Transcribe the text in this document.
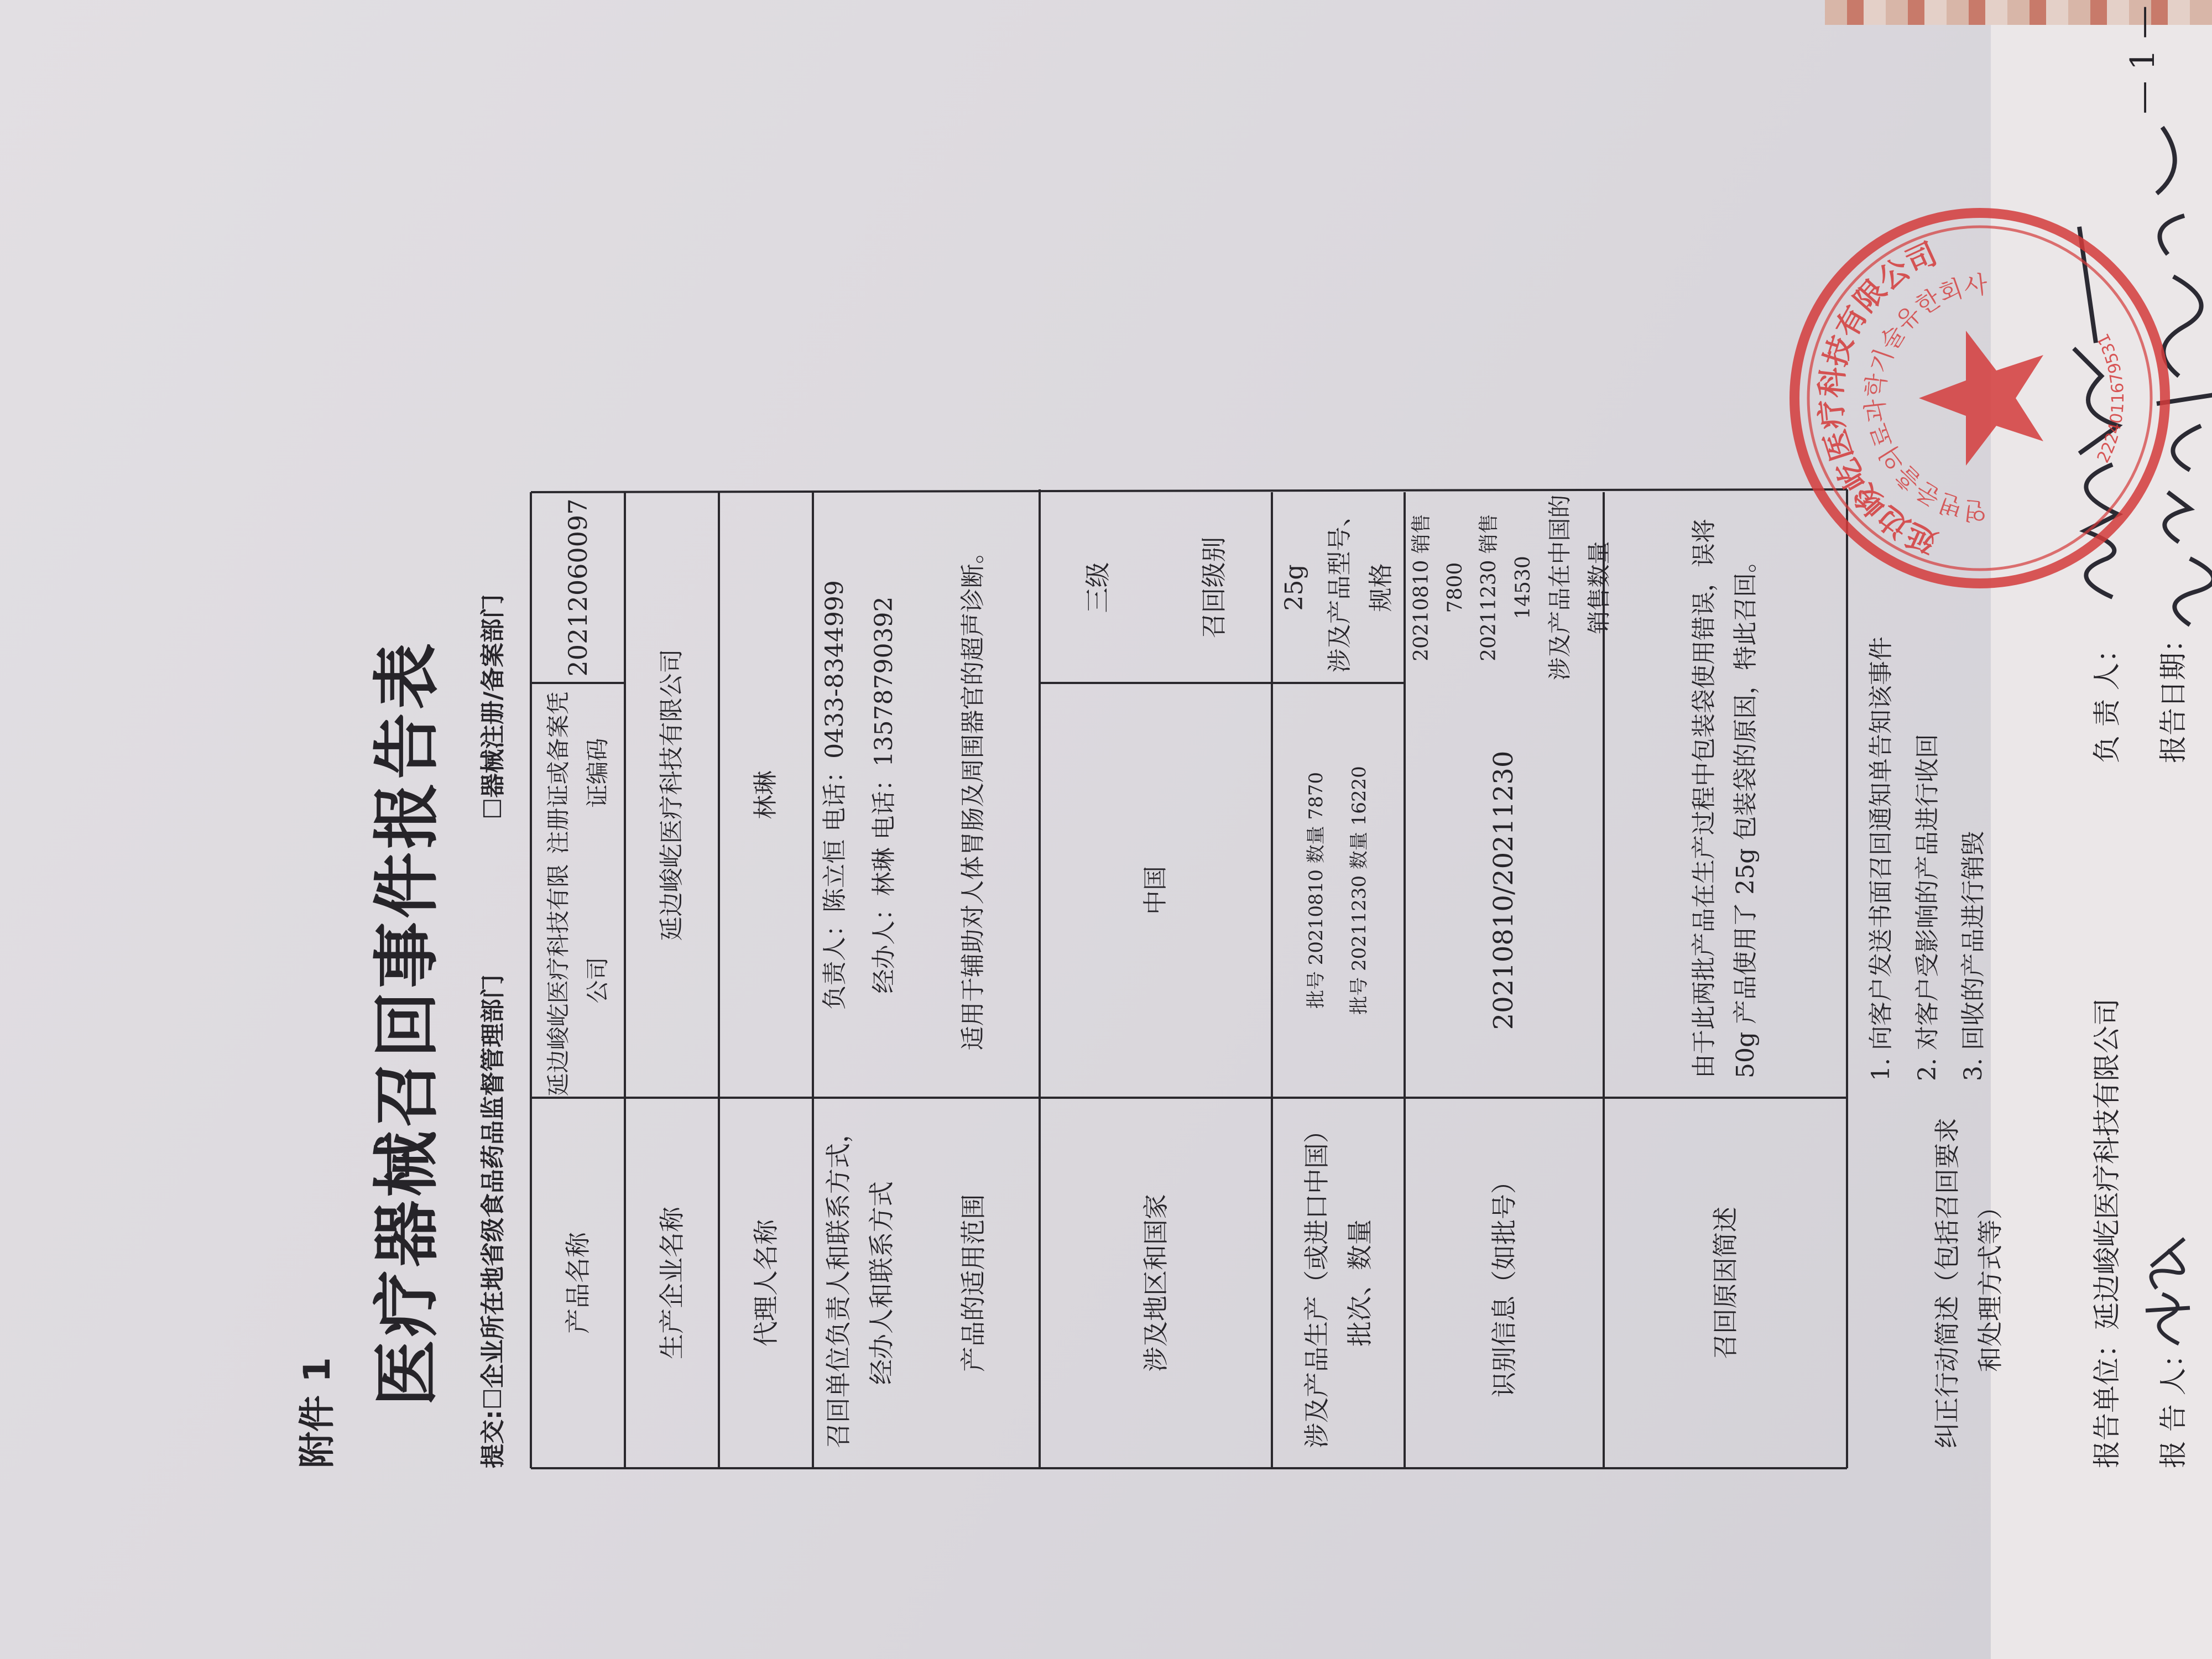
附件 1
医疗器械召回事件报告表
提交:☐企业所在地省级食品药品监督管理部门☐器械注册/备案部门
产品名称
延边峻屹医疗科技有限公司
注册证或备案凭证编码
20212060097
生产企业名称
延边峻屹医疗科技有限公司
代理人名称
林琳
召回单位负责人和联系方式，经办人和联系方式
负责人：陈立恒 电话：0433-8344999 经办人：林琳 电话：13578790392
产品的适用范围
适用于辅助对人体胃肠及周围器官的超声诊断。
涉及地区和国家
中国
三级	召回级别
涉及产品生产（或进口中国）批次、数量
批号 20210810 数量 7870 批号 20211230 数量 16220
25g 涉及产品型号、规格
识别信息（如批号）
20210810/20211230
20210810 销售 7800 20211230 销售 14530 涉及产品在中国的销售数量
召回原因简述
由于此两批产品在生产过程中包装袋使用错误，误将 50g 产品使用了 25g 包装袋的原因，特此召回。
纠正行动简述（包括召回要求和处理方式等）
1. 向客户发送书面召回通知单告知该事件 2. 对客户受影响的产品进行收回 3. 回收的产品进行销毁
报告单位：延边峻屹医疗科技有限公司
报 告 人：
负 责 人： 报告日期：
— 1 —
延边峻屹医疗科技有限公司
연변준흘의료과학기술유한회사
2224011679531
